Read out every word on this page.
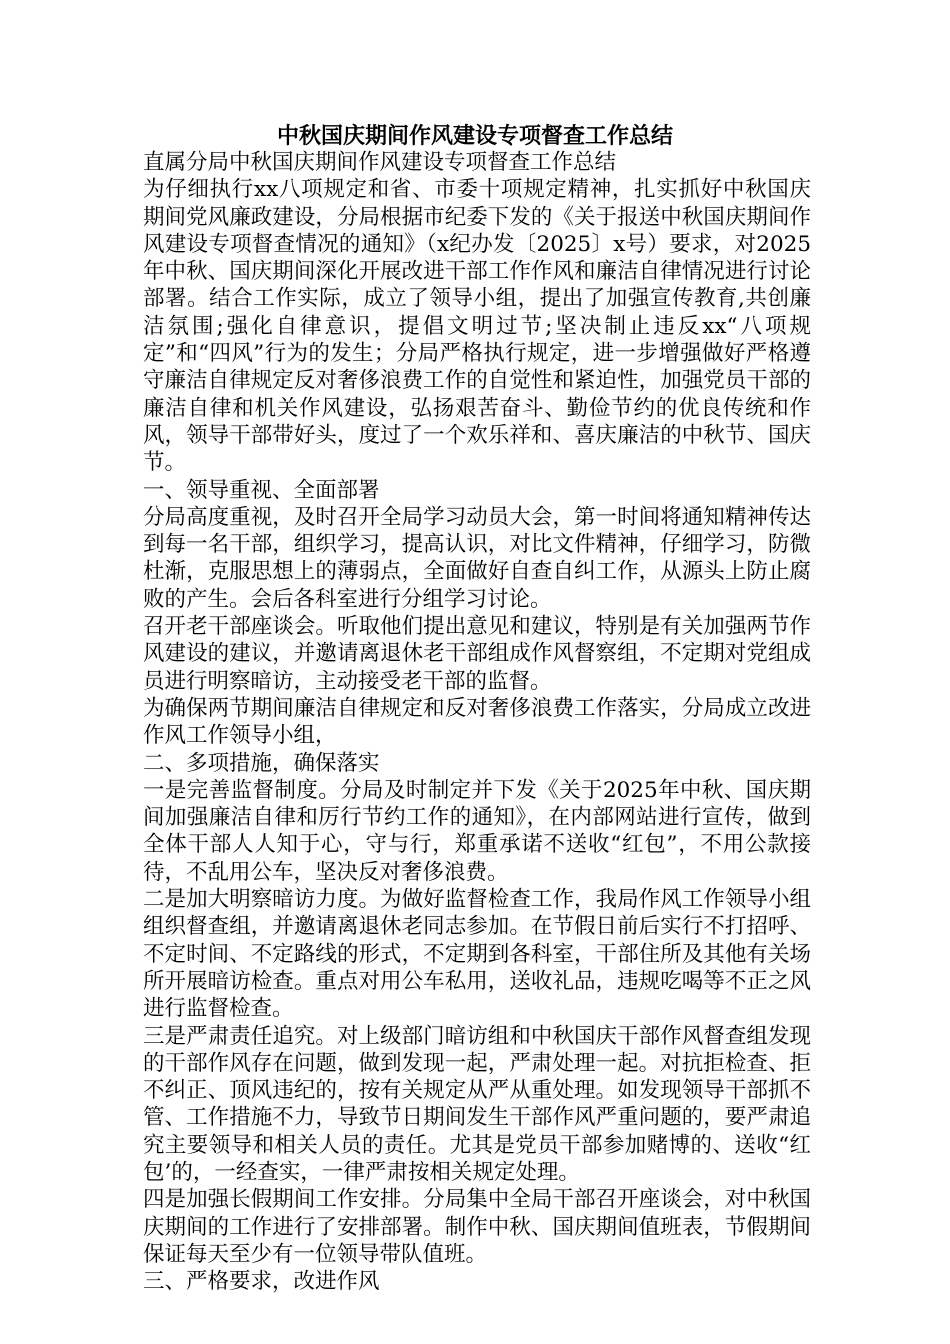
中秋国庆期间作风建设专项督查工作总结

直属分局中秋国庆期间作风建设专项督查工作总结

为仔细执行xx八项规定和省、市委十项规定精神，扎实抓好中秋国庆期间党风廉政建设，分局根据市纪委下发的《关于报送中秋国庆期间作风建设专项督查情况的通知》（x纪办发〔2025〕x号）要求，对2025年中秋、国庆期间深化开展改进干部工作作风和廉洁自律情况进行讨论部署。结合工作实际，成立了领导小组，提出了加强宣传教育,共创廉洁氛围;强化自律意识，提倡文明过节;坚决制止违反xx“八项规定”和“四风”行为的发生；分局严格执行规定，进一步增强做好严格遵守廉洁自律规定反对奢侈浪费工作的自觉性和紧迫性，加强党员干部的廉洁自律和机关作风建设，弘扬艰苦奋斗、勤俭节约的优良传统和作风，领导干部带好头，度过了一个欢乐祥和、喜庆廉洁的中秋节、国庆节。

一、领导重视、全面部署

分局高度重视，及时召开全局学习动员大会，第一时间将通知精神传达到每一名干部，组织学习，提高认识，对比文件精神，仔细学习，防微杜渐，克服思想上的薄弱点，全面做好自查自纠工作，从源头上防止腐败的产生。会后各科室进行分组学习讨论。

召开老干部座谈会。听取他们提出意见和建议，特别是有关加强两节作风建设的建议，并邀请离退休老干部组成作风督察组，不定期对党组成员进行明察暗访，主动接受老干部的监督。

为确保两节期间廉洁自律规定和反对奢侈浪费工作落实，分局成立改进作风工作领导小组，

二、多项措施，确保落实

一是完善监督制度。分局及时制定并下发《关于2025年中秋、国庆期间加强廉洁自律和厉行节约工作的通知》，在内部网站进行宣传，做到全体干部人人知于心，守与行，郑重承诺不送收“红包”，不用公款接待，不乱用公车，坚决反对奢侈浪费。

二是加大明察暗访力度。为做好监督检查工作，我局作风工作领导小组组织督查组，并邀请离退休老同志参加。在节假日前后实行不打招呼、不定时间、不定路线的形式，不定期到各科室，干部住所及其他有关场所开展暗访检查。重点对用公车私用，送收礼品，违规吃喝等不正之风进行监督检查。

三是严肃责任追究。对上级部门暗访组和中秋国庆干部作风督查组发现的干部作风存在问题，做到发现一起，严肃处理一起。对抗拒检查、拒不纠正、顶风违纪的，按有关规定从严从重处理。如发现领导干部抓不管、工作措施不力，导致节日期间发生干部作风严重问题的，要严肃追究主要领导和相关人员的责任。尤其是党员干部参加赌博的、送收“红包’的，一经查实，一律严肃按相关规定处理。

四是加强长假期间工作安排。分局集中全局干部召开座谈会，对中秋国庆期间的工作进行了安排部署。制作中秋、国庆期间值班表，节假期间保证每天至少有一位领导带队值班。

三、严格要求，改进作风
